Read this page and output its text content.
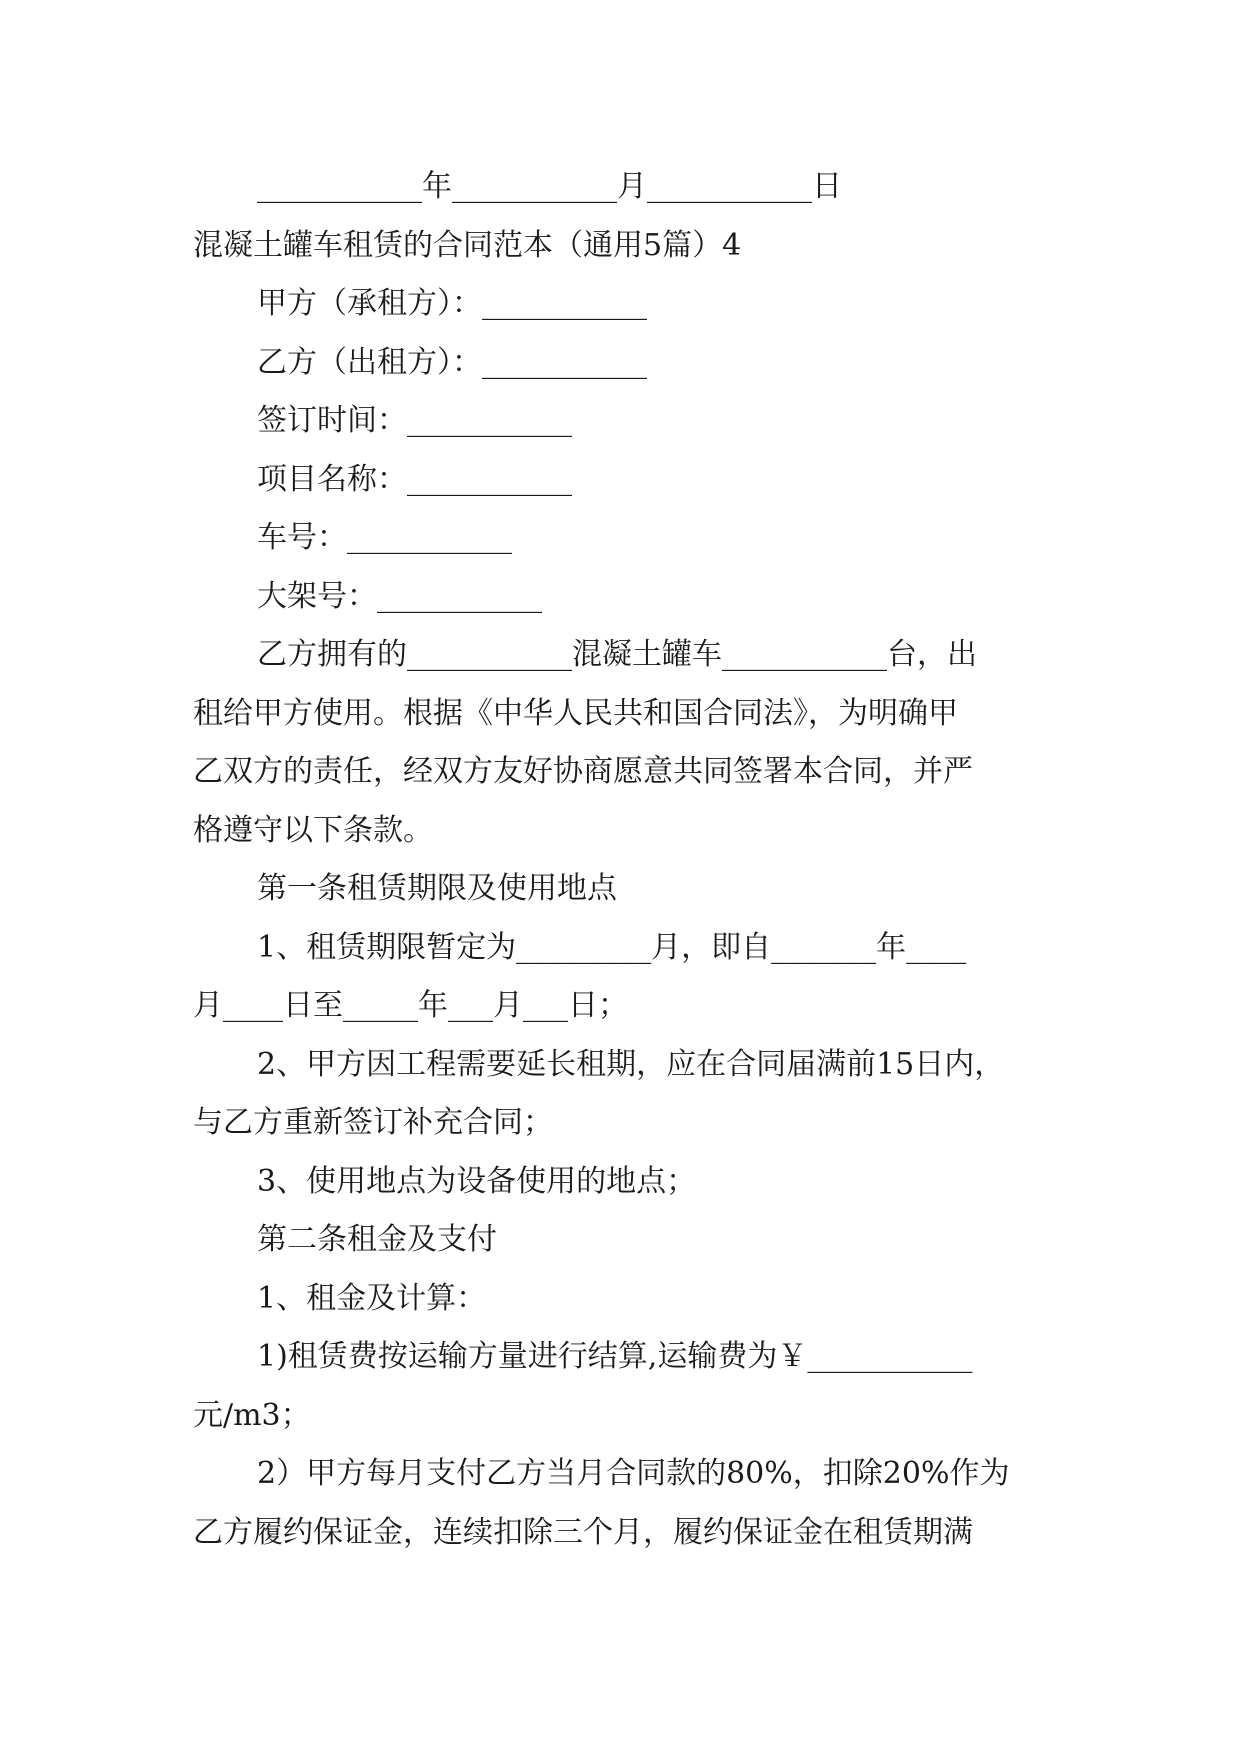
___________年___________月___________日
混凝土罐车租赁的合同范本（通用5篇）4
甲方（承租方）：___________
乙方（出租方）：___________
签订时间：___________
项目名称：___________
车号：___________
大架号：___________
乙方拥有的___________混凝土罐车___________台，出
租给甲方使用。根据《中华人民共和国合同法》，为明确甲
乙双方的责任，经双方友好协商愿意共同签署本合同，并严
格遵守以下条款。
第一条租赁期限及使用地点
1、租赁期限暂定为_________月，即自_______年____
月____日至_____年___月___日；
2、甲方因工程需要延长租期，应在合同届满前15日内，
与乙方重新签订补充合同；
3、使用地点为设备使用的地点；
第二条租金及支付
1、租金及计算：
1)租赁费按运输方量进行结算,运输费为￥___________
元/m3；
2）甲方每月支付乙方当月合同款的80%，扣除20%作为
乙方履约保证金，连续扣除三个月，履约保证金在租赁期满
